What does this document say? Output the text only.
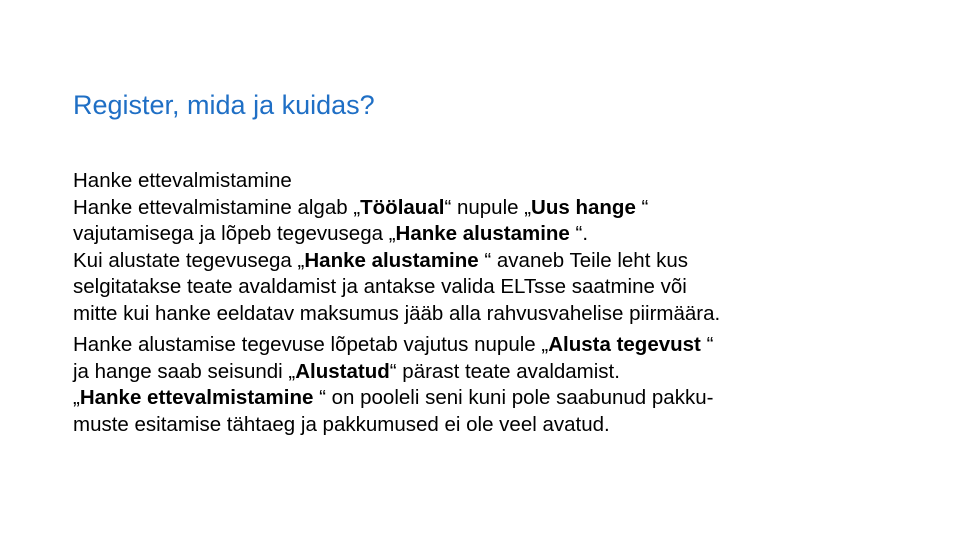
Register, mida ja kuidas?
Hanke ettevalmistamine
Hanke ettevalmistamine algab „Töölaual“ nupule „Uus hange “
vajutamisega ja lõpeb tegevusega „Hanke alustamine “.
Kui alustate tegevusega „Hanke alustamine “ avaneb Teile leht kus
selgitatakse teate avaldamist ja antakse valida ELTsse saatmine või
mitte kui hanke eeldatav maksumus jääb alla rahvusvahelise piirmäära.
Hanke alustamise tegevuse lõpetab vajutus nupule „Alusta tegevust “
ja hange saab seisundi „Alustatud“ pärast teate avaldamist.
„Hanke ettevalmistamine “ on pooleli seni kuni pole saabunud pakku-
muste esitamise tähtaeg ja pakkumused ei ole veel avatud.
